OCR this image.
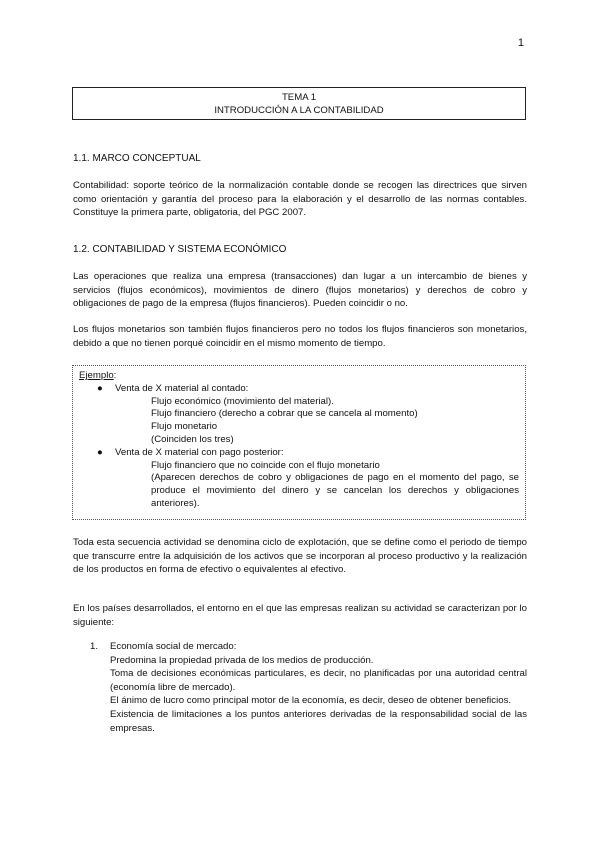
1
TEMA 1
INTRODUCCIÓN A LA CONTABILIDAD
1.1. MARCO CONCEPTUAL

Contabilidad: soporte teórico de la normalización contable donde se recogen las directrices que sirven como orientación y garantía del proceso para la elaboración y el desarrollo de las normas contables. Constituye la primera parte, obligatoria, del PGC 2007.

1.2. CONTABILIDAD Y SISTEMA ECONÓMICO

Las operaciones que realiza una empresa (transacciones) dan lugar a un intercambio de bienes y servicios (flujos económicos), movimientos de dinero (flujos monetarios) y derechos de cobro y obligaciones de pago de la empresa (flujos financieros). Pueden coincidir o no.

Los flujos monetarios son también flujos financieros pero no todos los flujos financieros son monetarios, debido a que no tienen porqué coincidir en el mismo momento de tiempo.

Ejemplo:
● Venta de X material al contado:
Flujo económico (movimiento del material).
Flujo financiero (derecho a cobrar que se cancela al momento)
Flujo monetario
(Coinciden los tres)
● Venta de X material con pago posterior:
Flujo financiero que no coincide con el flujo monetario
(Aparecen derechos de cobro y obligaciones de pago en el momento del pago, se produce el movimiento del dinero y se cancelan los derechos y obligaciones anteriores).

Toda esta secuencia actividad se denomina ciclo de explotación, que se define como el periodo de tiempo que transcurre entre la adquisición de los activos que se incorporan al proceso productivo y la realización de los productos en forma de efectivo o equivalentes al efectivo.

En los países desarrollados, el entorno en el que las empresas realizan su actividad se caracterizan por lo siguiente:

1. Economía social de mercado:
Predomina la propiedad privada de los medios de producción.
Toma de decisiones económicas particulares, es decir, no planificadas por una autoridad central (economía libre de mercado).
El ánimo de lucro como principal motor de la economía, es decir, deseo de obtener beneficios.
Existencia de limitaciones a los puntos anteriores derivadas de la responsabilidad social de las empresas.
